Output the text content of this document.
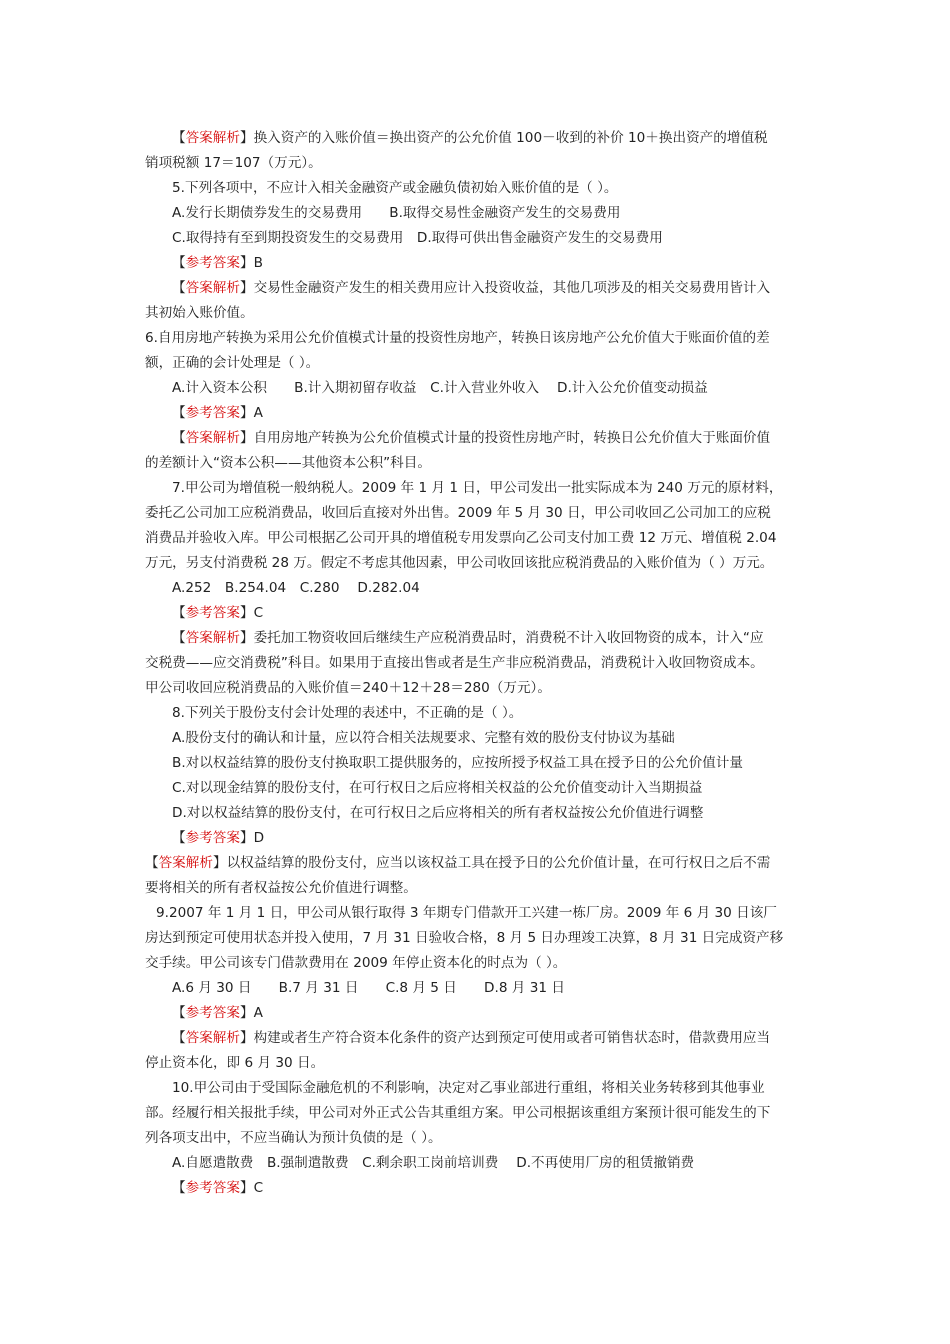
【答案解析】换入资产的入账价值＝换出资产的公允价值 100－收到的补价 10＋换出资产的增值税
销项税额 17＝107（万元）。
5.下列各项中，不应计入相关金融资产或金融负债初始入账价值的是（ ）。
A.发行长期债券发生的交易费用　　B.取得交易性金融资产发生的交易费用
C.取得持有至到期投资发生的交易费用　D.取得可供出售金融资产发生的交易费用
【参考答案】B
【答案解析】交易性金融资产发生的相关费用应计入投资收益，其他几项涉及的相关交易费用皆计入
其初始入账价值。
6.自用房地产转换为采用公允价值模式计量的投资性房地产，转换日该房地产公允价值大于账面价值的差
额，正确的会计处理是（ ）。
A.计入资本公积　　B.计入期初留存收益　C.计入营业外收入　 D.计入公允价值变动损益
【参考答案】A
【答案解析】自用房地产转换为公允价值模式计量的投资性房地产时，转换日公允价值大于账面价值
的差额计入“资本公积——其他资本公积”科目。
7.甲公司为增值税一般纳税人。2009 年 1 月 1 日，甲公司发出一批实际成本为 240 万元的原材料，
委托乙公司加工应税消费品，收回后直接对外出售。2009 年 5 月 30 日，甲公司收回乙公司加工的应税
消费品并验收入库。甲公司根据乙公司开具的增值税专用发票向乙公司支付加工费 12 万元、增值税 2.04
万元，另支付消费税 28 万。假定不考虑其他因素，甲公司收回该批应税消费品的入账价值为（ ）万元。
A.252　B.254.04　C.280　 D.282.04
【参考答案】C
【答案解析】委托加工物资收回后继续生产应税消费品时，消费税不计入收回物资的成本，计入“应
交税费——应交消费税”科目。如果用于直接出售或者是生产非应税消费品，消费税计入收回物资成本。
甲公司收回应税消费品的入账价值＝240＋12＋28＝280（万元）。
8.下列关于股份支付会计处理的表述中，不正确的是（ ）。
A.股份支付的确认和计量，应以符合相关法规要求、完整有效的股份支付协议为基础
B.对以权益结算的股份支付换取职工提供服务的，应按所授予权益工具在授予日的公允价值计量
C.对以现金结算的股份支付，在可行权日之后应将相关权益的公允价值变动计入当期损益
D.对以权益结算的股份支付，在可行权日之后应将相关的所有者权益按公允价值进行调整
【参考答案】D
【答案解析】以权益结算的股份支付，应当以该权益工具在授予日的公允价值计量，在可行权日之后不需
要将相关的所有者权益按公允价值进行调整。
9.2007 年 1 月 1 日，甲公司从银行取得 3 年期专门借款开工兴建一栋厂房。2009 年 6 月 30 日该厂
房达到预定可使用状态并投入使用，7 月 31 日验收合格，8 月 5 日办理竣工决算，8 月 31 日完成资产移
交手续。甲公司该专门借款费用在 2009 年停止资本化的时点为（ ）。
A.6 月 30 日　　B.7 月 31 日　　C.8 月 5 日　　D.8 月 31 日
【参考答案】A
【答案解析】构建或者生产符合资本化条件的资产达到预定可使用或者可销售状态时，借款费用应当
停止资本化，即 6 月 30 日。
10.甲公司由于受国际金融危机的不利影响，决定对乙事业部进行重组，将相关业务转移到其他事业
部。经履行相关报批手续，甲公司对外正式公告其重组方案。甲公司根据该重组方案预计很可能发生的下
列各项支出中，不应当确认为预计负债的是（ ）。
A.自愿遣散费　B.强制遣散费　C.剩余职工岗前培训费　 D.不再使用厂房的租赁撤销费
【参考答案】C
